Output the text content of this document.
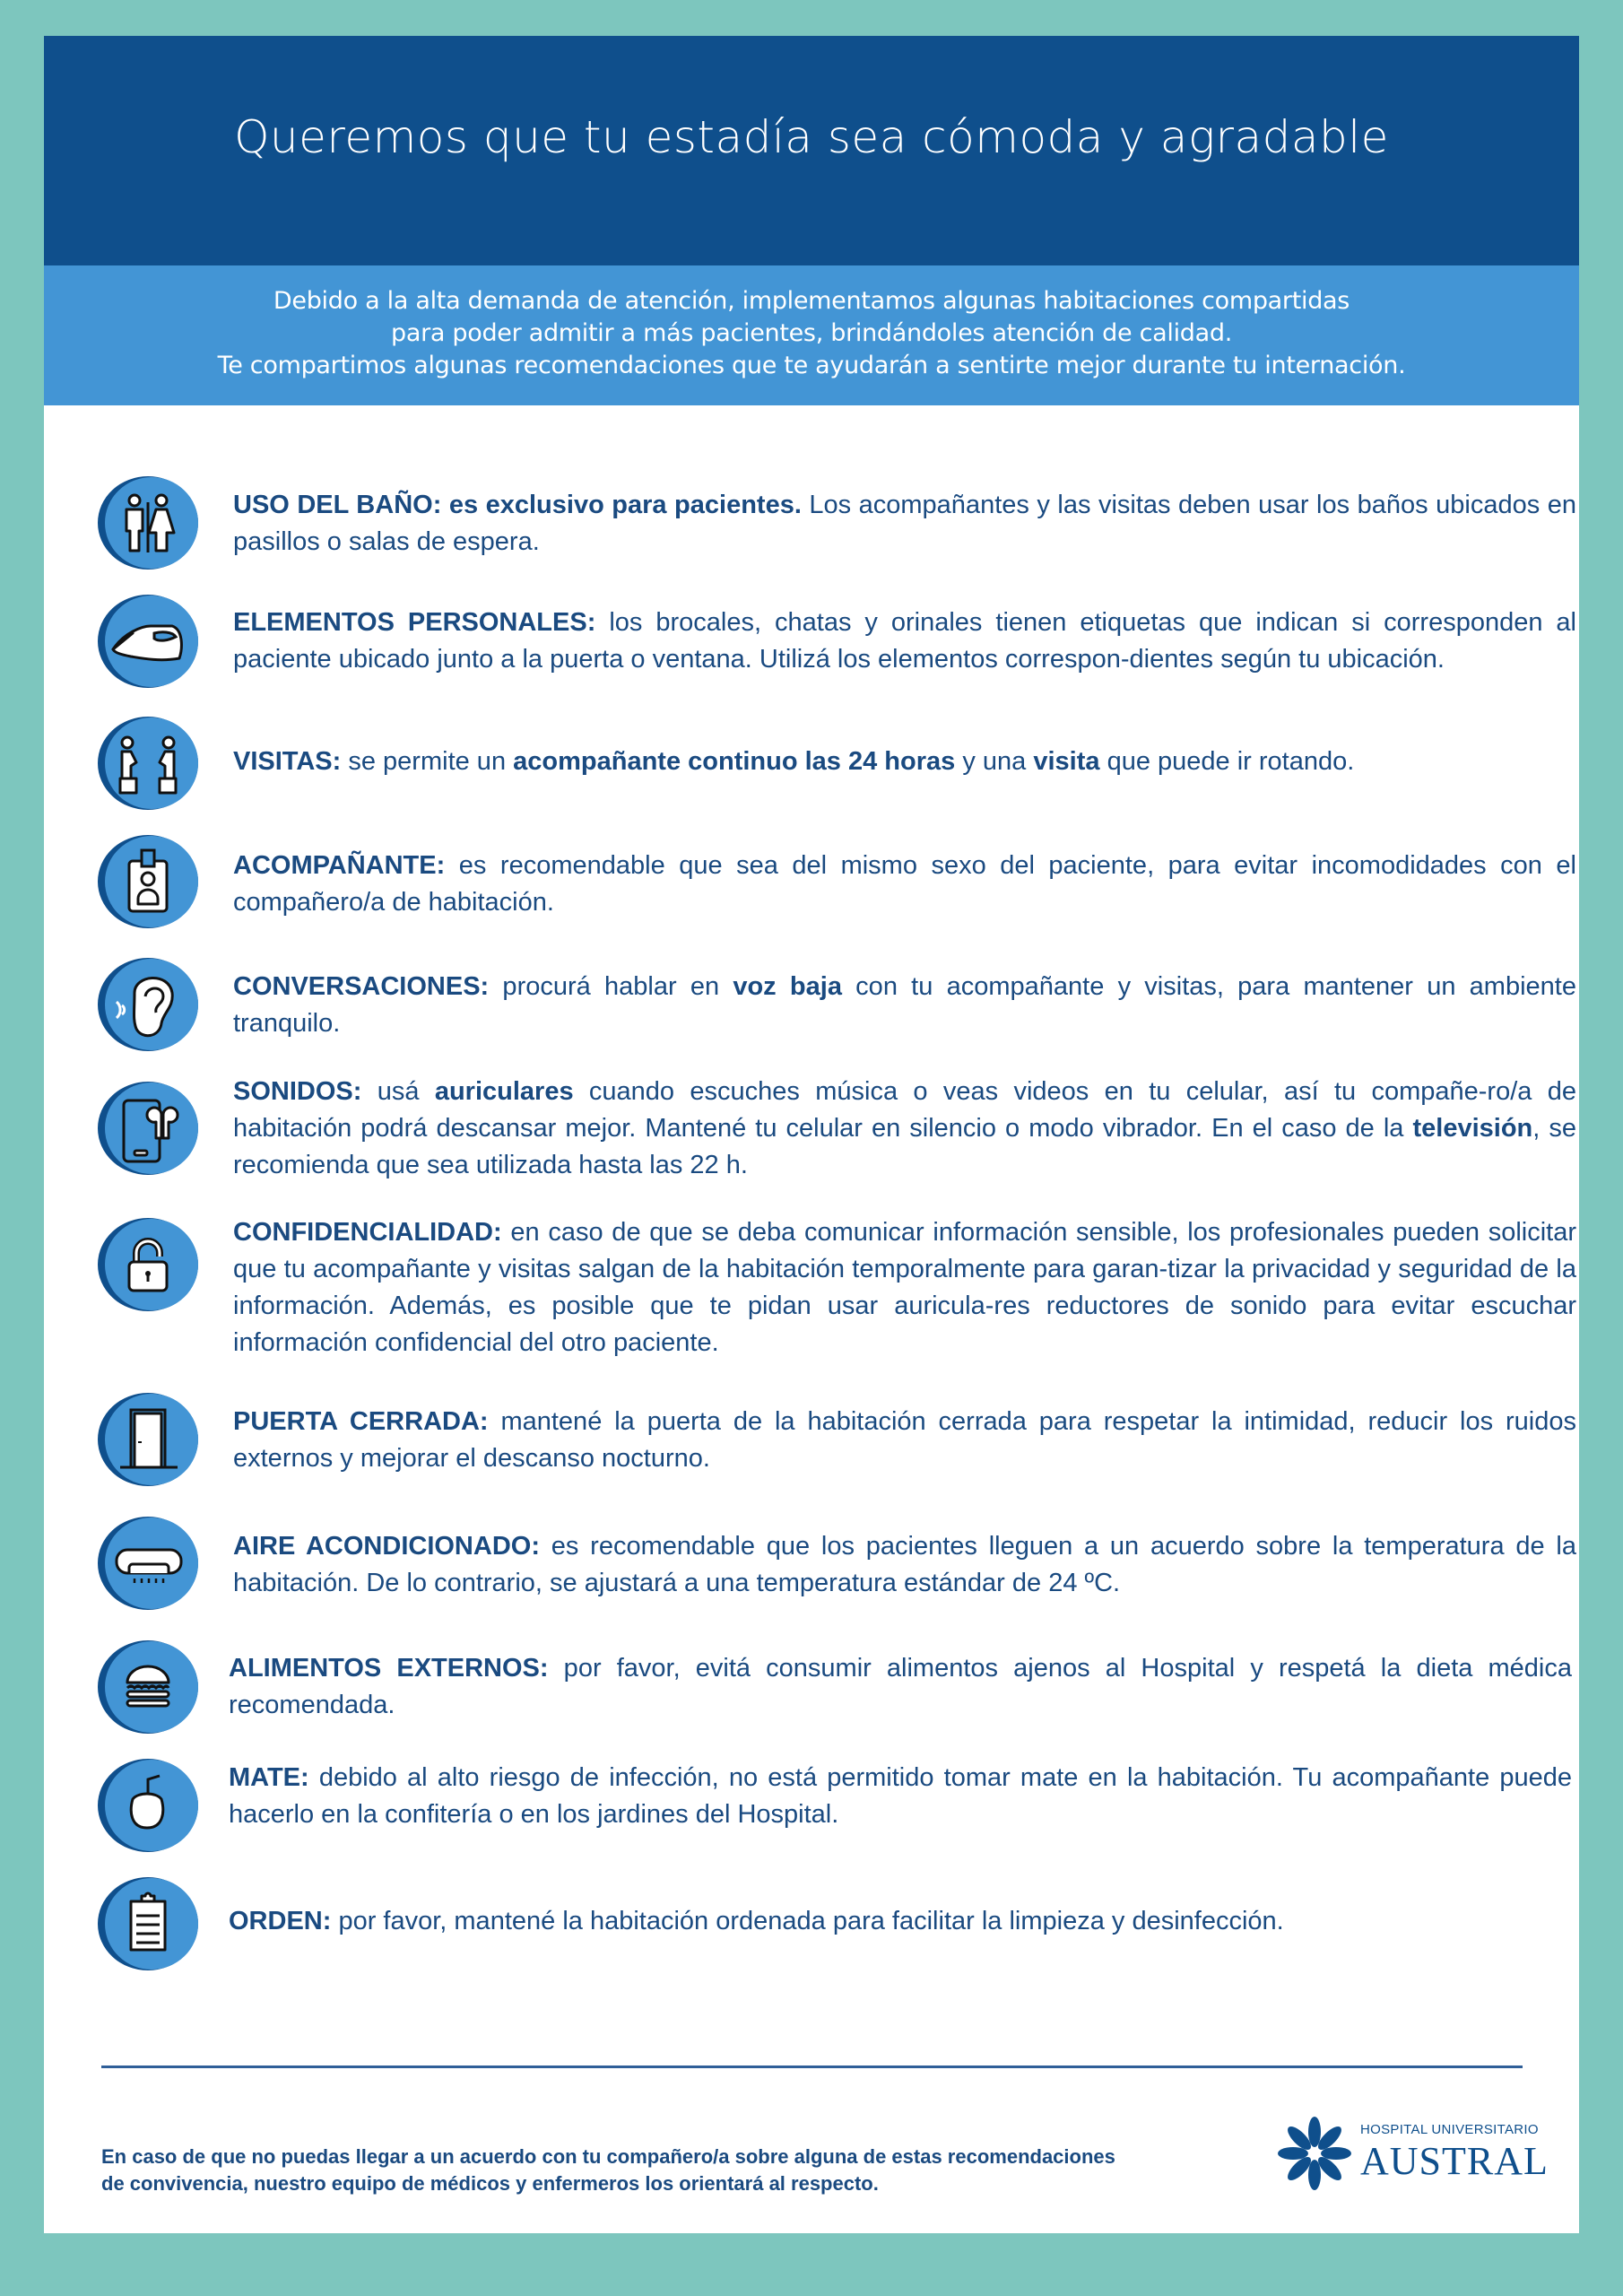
Queremos que tu estadía sea cómoda y agradable
Debido a la alta demanda de atención, implementamos algunas habitaciones compartidas
para poder admitir a más pacientes, brindándoles atención de calidad.
Te compartimos algunas recomendaciones que te ayudarán a sentirte mejor durante tu internación.
USO DEL BAÑO: es exclusivo para pacientes. Los acompañantes y las visitas deben usar los baños ubicados en pasillos o salas de espera.
ELEMENTOS PERSONALES: los brocales, chatas y orinales tienen etiquetas que indican si corresponden al paciente ubicado junto a la puerta o ventana. Utilizá los elementos correspon-dientes según tu ubicación.
VISITAS: se permite un acompañante continuo las 24 horas y una visita que puede ir rotando.
ACOMPAÑANTE: es recomendable que sea del mismo sexo del paciente, para evitar incomodidades con el compañero/a de habitación.
CONVERSACIONES: procurá hablar en voz baja con tu acompañante y visitas, para mantener un ambiente tranquilo.
SONIDOS: usá auriculares cuando escuches música o veas videos en tu celular, así tu compañe-ro/a de habitación podrá descansar mejor. Mantené tu celular en silencio o modo vibrador. En el caso de la televisión, se recomienda que sea utilizada hasta las 22 h.
CONFIDENCIALIDAD: en caso de que se deba comunicar información sensible, los profesionales pueden solicitar que tu acompañante y visitas salgan de la habitación temporalmente para garan-tizar la privacidad y seguridad de la información. Además, es posible que te pidan usar auricula-res reductores de sonido para evitar escuchar información confidencial del otro paciente.
PUERTA CERRADA: mantené la puerta de la habitación cerrada para respetar la intimidad, reducir los ruidos externos y mejorar el descanso nocturno.
AIRE ACONDICIONADO: es recomendable que los pacientes lleguen a un acuerdo sobre la temperatura de la habitación. De lo contrario, se ajustará a una temperatura estándar de 24 ºC.
ALIMENTOS EXTERNOS: por favor, evitá consumir alimentos ajenos al Hospital y respetá la dieta médica recomendada.
MATE: debido al alto riesgo de infección, no está permitido tomar mate en la habitación. Tu acompañante puede hacerlo en la confitería o en los jardines del Hospital.
ORDEN: por favor, mantené la habitación ordenada para facilitar la limpieza y desinfección.
En caso de que no puedas llegar a un acuerdo con tu compañero/a sobre alguna de estas recomendaciones
de convivencia, nuestro equipo de médicos y enfermeros los orientará al respecto.
HOSPITAL UNIVERSITARIO
AUSTRAL
